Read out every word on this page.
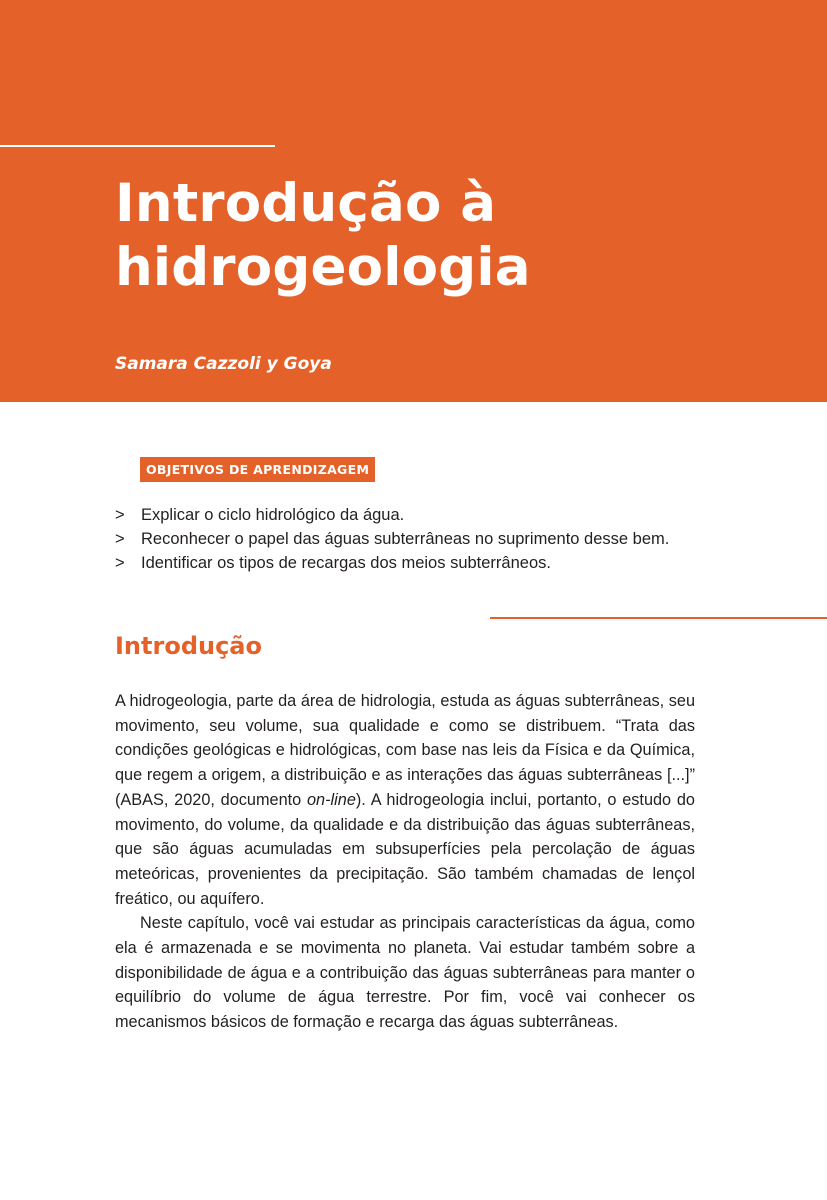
Introdução à
hidrogeologia

Samara Cazzoli y Goya

OBJETIVOS DE APRENDIZAGEM
> Explicar o ciclo hidrológico da água.
> Reconhecer o papel das águas subterrâneas no suprimento desse bem.
> Identificar os tipos de recargas dos meios subterrâneos.
Introdução

A hidrogeologia, parte da área de hidrologia, estuda as águas subterrâneas, seu movimento, seu volume, sua qualidade e como se distribuem. “Trata das condições geológicas e hidrológicas, com base nas leis da Física e da Química, que regem a origem, a distribuição e as interações das águas subterrâneas [...]” (ABAS, 2020, documento on-line). A hidrogeologia inclui, portanto, o estudo do movimento, do volume, da qualidade e da distribuição das águas subterrâneas, que são águas acumuladas em subsuperfícies pela percolação de águas meteóricas, provenientes da precipitação. São também chamadas de lençol freático, ou aquífero.

Neste capítulo, você vai estudar as principais características da água, como ela é armazenada e se movimenta no planeta. Vai estudar também sobre a disponibilidade de água e a contribuição das águas subterrâneas para manter o equilíbrio do volume de água terrestre. Por fim, você vai conhecer os mecanismos básicos de formação e recarga das águas subterrâneas.
